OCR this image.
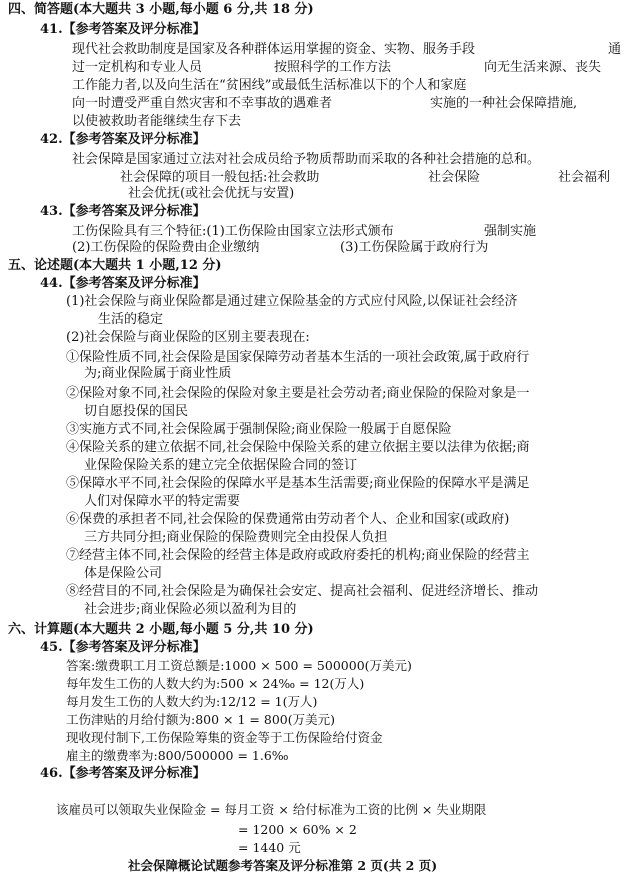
四、简答题(本大题共 3 小题,每小题 6 分,共 18 分)
41.【参考答案及评分标准】
现代社会救助制度是国家及各种群体运用掌握的资金、实物、服务手段	通
过一定机构和专业人员	按照科学的工作方法	向无生活来源、丧失
工作能力者,以及向生活在“贫困线”或最低生活标准以下的个人和家庭
向一时遭受严重自然灾害和不幸事故的遇难者	实施的一种社会保障措施,
以使被救助者能继续生存下去
42.【参考答案及评分标准】
社会保障是国家通过立法对社会成员给予物质帮助而采取的各种社会措施的总和。
社会保障的项目一般包括:社会救助	社会保险	社会福利
社会优抚(或社会优抚与安置)
43.【参考答案及评分标准】
工伤保险具有三个特征:(1)工伤保险由国家立法形式颁布	强制实施
(2)工伤保险的保险费由企业缴纳	(3)工伤保险属于政府行为
五、论述题(本大题共 1 小题,12 分)
44.【参考答案及评分标准】
(1)社会保险与商业保险都是通过建立保险基金的方式应付风险,以保证社会经济
生活的稳定
(2)社会保险与商业保险的区别主要表现在:
①保险性质不同,社会保险是国家保障劳动者基本生活的一项社会政策,属于政府行
为;商业保险属于商业性质
②保险对象不同,社会保险的保险对象主要是社会劳动者;商业保险的保险对象是一
切自愿投保的国民
③实施方式不同,社会保险属于强制保险;商业保险一般属于自愿保险
④保险关系的建立依据不同,社会保险中保险关系的建立依据主要以法律为依据;商
业保险保险关系的建立完全依据保险合同的签订
⑤保障水平不同,社会保险的保障水平是基本生活需要;商业保险的保障水平是满足
人们对保障水平的特定需要
⑥保费的承担者不同,社会保险的保费通常由劳动者个人、企业和国家(或政府)
三方共同分担;商业保险的保险费则完全由投保人负担
⑦经营主体不同,社会保险的经营主体是政府或政府委托的机构;商业保险的经营主
体是保险公司
⑧经营目的不同,社会保险是为确保社会安定、提高社会福利、促进经济增长、推动
社会进步;商业保险必须以盈利为目的
六、计算题(本大题共 2 小题,每小题 5 分,共 10 分)
45.【参考答案及评分标准】
答案:缴费职工月工资总额是:1000 × 500 = 500000(万美元)
每年发生工伤的人数大约为:500 × 24‰ = 12(万人)
每月发生工伤的人数大约为:12/12 = 1(万人)
工伤津贴的月给付额为:800 × 1 = 800(万美元)
现收现付制下,工伤保险筹集的资金等于工伤保险给付资金
雇主的缴费率为:800/500000 = 1.6‰
46.【参考答案及评分标准】
该雇员可以领取失业保险金 = 每月工资 × 给付标准为工资的比例 × 失业期限
= 1200 × 60% × 2
= 1440 元
社会保障概论试题参考答案及评分标准第 2 页(共 2 页)
